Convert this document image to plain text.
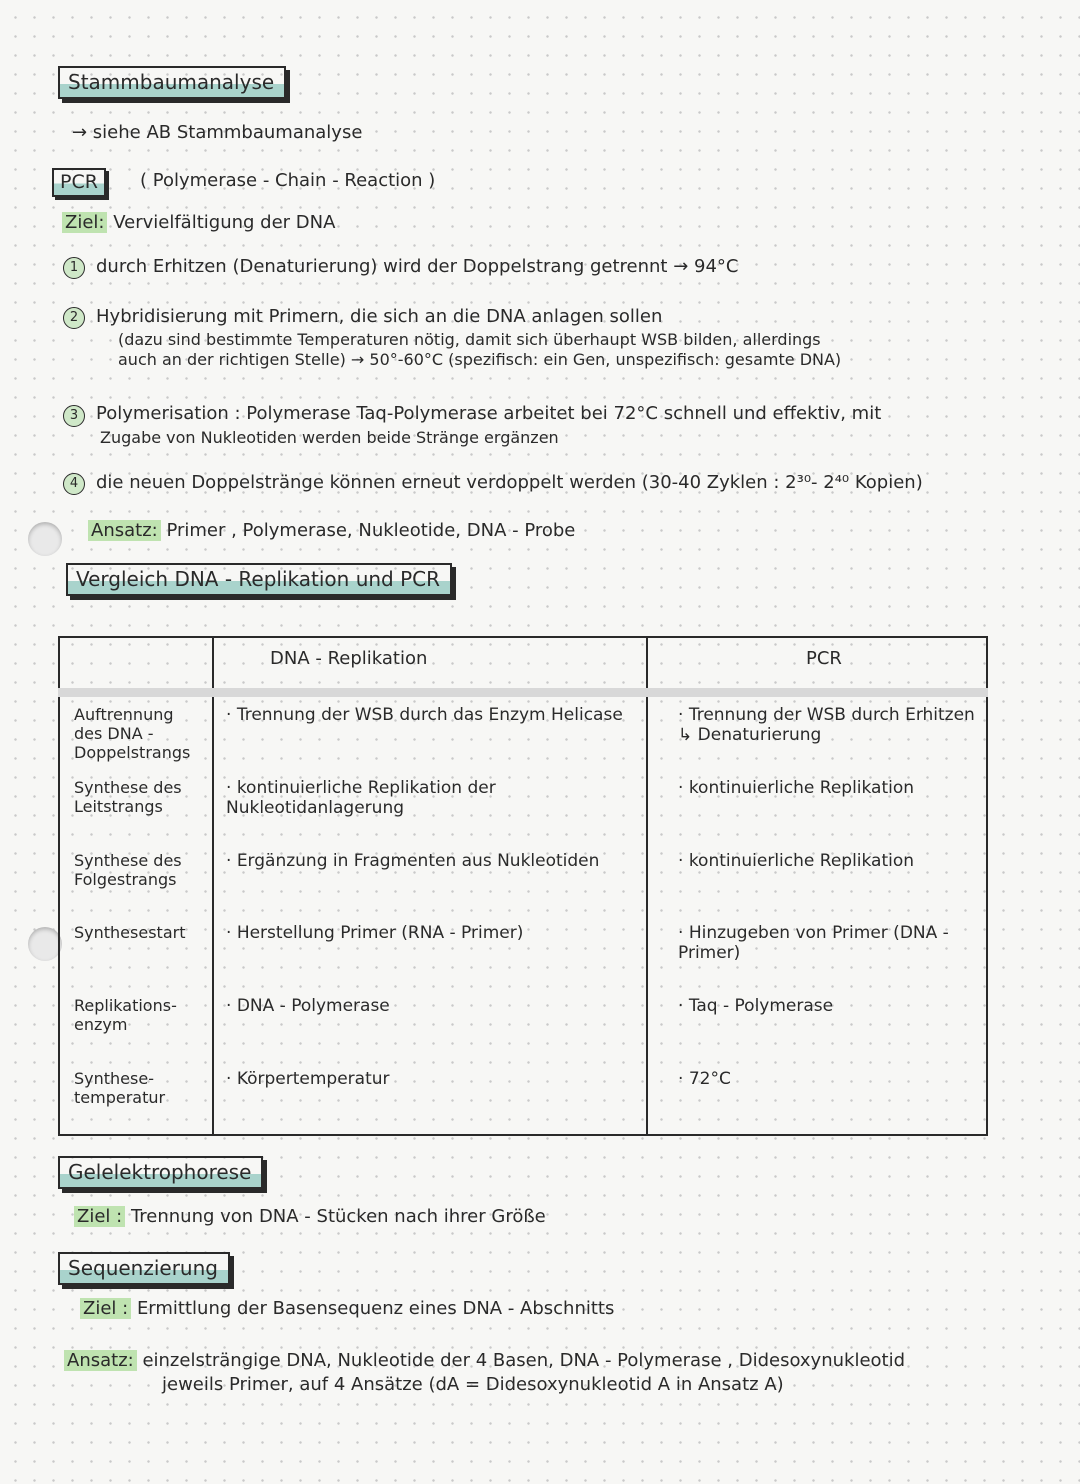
Stammbaumanalyse
→ siehe AB Stammbaumanalyse
PCR	( Polymerase - Chain - Reaction )
Ziel: Vervielfältigung der DNA
1 durch Erhitzen (Denaturierung) wird der Doppelstrang getrennt → 94°C
2 Hybridisierung mit Primern, die sich an die DNA anlagen sollen
(dazu sind bestimmte Temperaturen nötig, damit sich überhaupt WSB bilden, allerdings
auch an der richtigen Stelle) → 50°-60°C (spezifisch: ein Gen, unspezifisch: gesamte DNA)
3 Polymerisation : Polymerase Taq-Polymerase arbeitet bei 72°C schnell und effektiv, mit
Zugabe von Nukleotiden werden beide Stränge ergänzen
4 die neuen Doppelstränge können erneut verdoppelt werden (30-40 Zyklen : 2³⁰- 2⁴⁰ Kopien)
Ansatz: Primer , Polymerase, Nukleotide, DNA - Probe
Vergleich DNA - Replikation und PCR
	DNA - Replikation	PCR
Auftrennung des DNA - Doppelstrangs	· Trennung der WSB durch das Enzym Helicase	· Trennung der WSB durch Erhitzen ↳ Denaturierung
Synthese des Leitstrangs	· kontinuierliche Replikation der Nukleotidanlagerung	· kontinuierliche Replikation
Synthese des Folgestrangs	· Ergänzung in Fragmenten aus Nukleotiden	· kontinuierliche Replikation
Synthesestart	· Herstellung Primer (RNA - Primer)	· Hinzugeben von Primer (DNA - Primer)
Replikations-enzym	· DNA - Polymerase	· Taq - Polymerase
Synthese-temperatur	· Körpertemperatur	· 72°C
Gelelektrophorese
Ziel : Trennung von DNA - Stücken nach ihrer Größe
Sequenzierung
Ziel : Ermittlung der Basensequenz eines DNA - Abschnitts
Ansatz: einzelsträngige DNA, Nukleotide der 4 Basen, DNA - Polymerase , Didesoxynukleotid
jeweils Primer, auf 4 Ansätze (dA = Didesoxynukleotid A in Ansatz A)
